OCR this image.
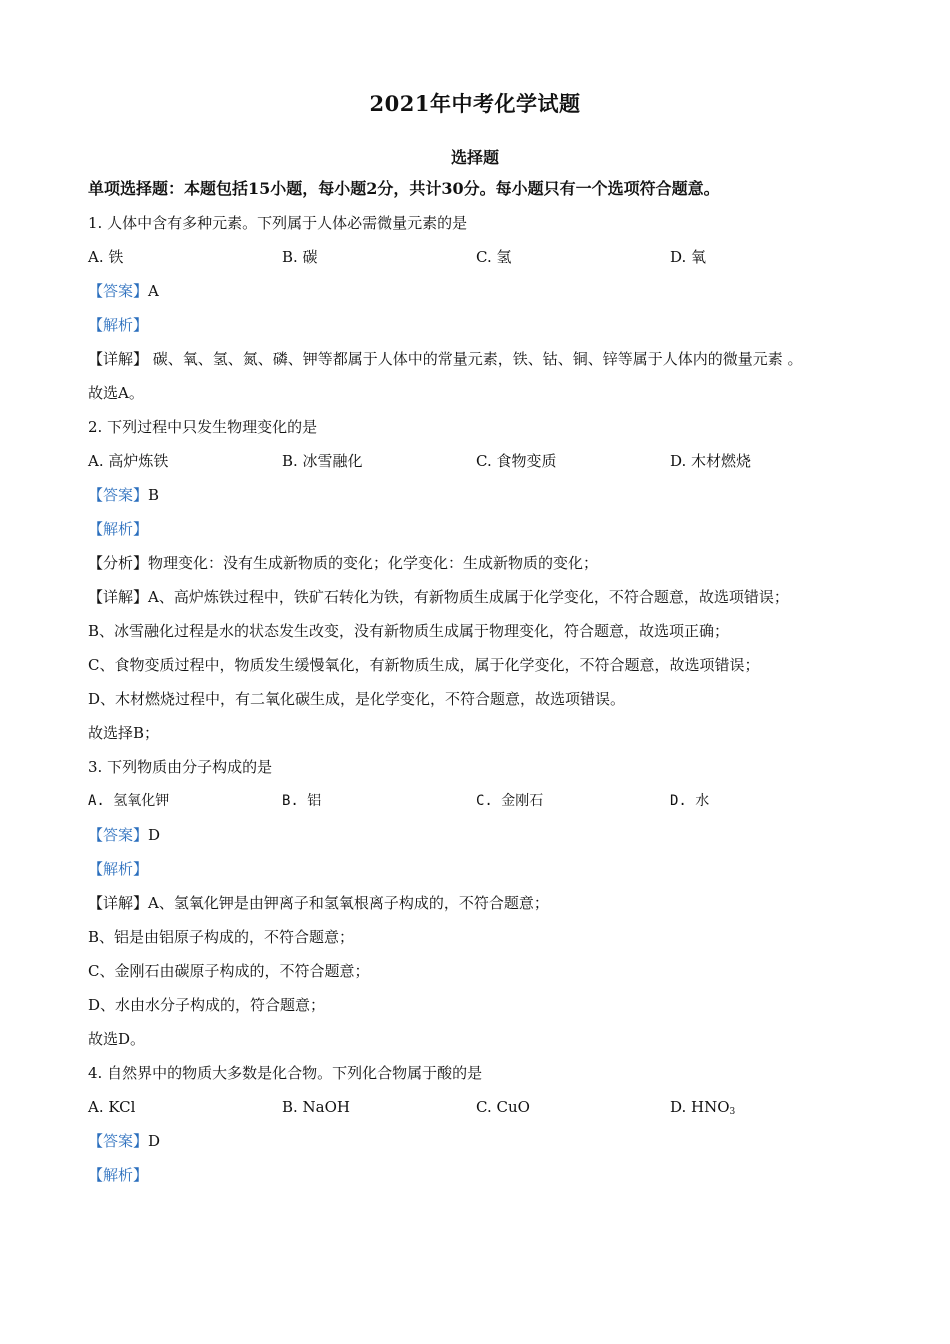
2021年中考化学试题
选择题
单项选择题：本题包括15小题，每小题2分，共计30分。每小题只有一个选项符合题意。
1. 人体中含有多种元素。下列属于人体必需微量元素的是
A. 铁	B. 碳	C. 氢	D. 氧
【答案】A
【解析】
【详解】 碳、氧、氢、氮、磷、钾等都属于人体中的常量元素，铁、钴、铜、锌等属于人体内的微量元素 。
故选A。
2. 下列过程中只发生物理变化的是
A. 高炉炼铁	B. 冰雪融化	C. 食物变质	D. 木材燃烧
【答案】B
【解析】
【分析】物理变化：没有生成新物质的变化；化学变化：生成新物质的变化；
【详解】A、高炉炼铁过程中，铁矿石转化为铁，有新物质生成属于化学变化，不符合题意，故选项错误；
B、冰雪融化过程是水的状态发生改变，没有新物质生成属于物理变化，符合题意，故选项正确；
C、食物变质过程中，物质发生缓慢氧化，有新物质生成，属于化学变化，不符合题意，故选项错误；
D、木材燃烧过程中，有二氧化碳生成，是化学变化，不符合题意，故选项错误。
故选择B；
3. 下列物质由分子构成的是
A. 氢氧化钾	B. 铝	C. 金刚石	D. 水
【答案】D
【解析】
【详解】A、氢氧化钾是由钾离子和氢氧根离子构成的，不符合题意；
B、铝是由铝原子构成的，不符合题意；
C、金刚石由碳原子构成的，不符合题意；
D、水由水分子构成的，符合题意；
故选D。
4. 自然界中的物质大多数是化合物。下列化合物属于酸的是
A. KCl	B. NaOH	C. CuO	D. $HNO_3$
【答案】D
【解析】
